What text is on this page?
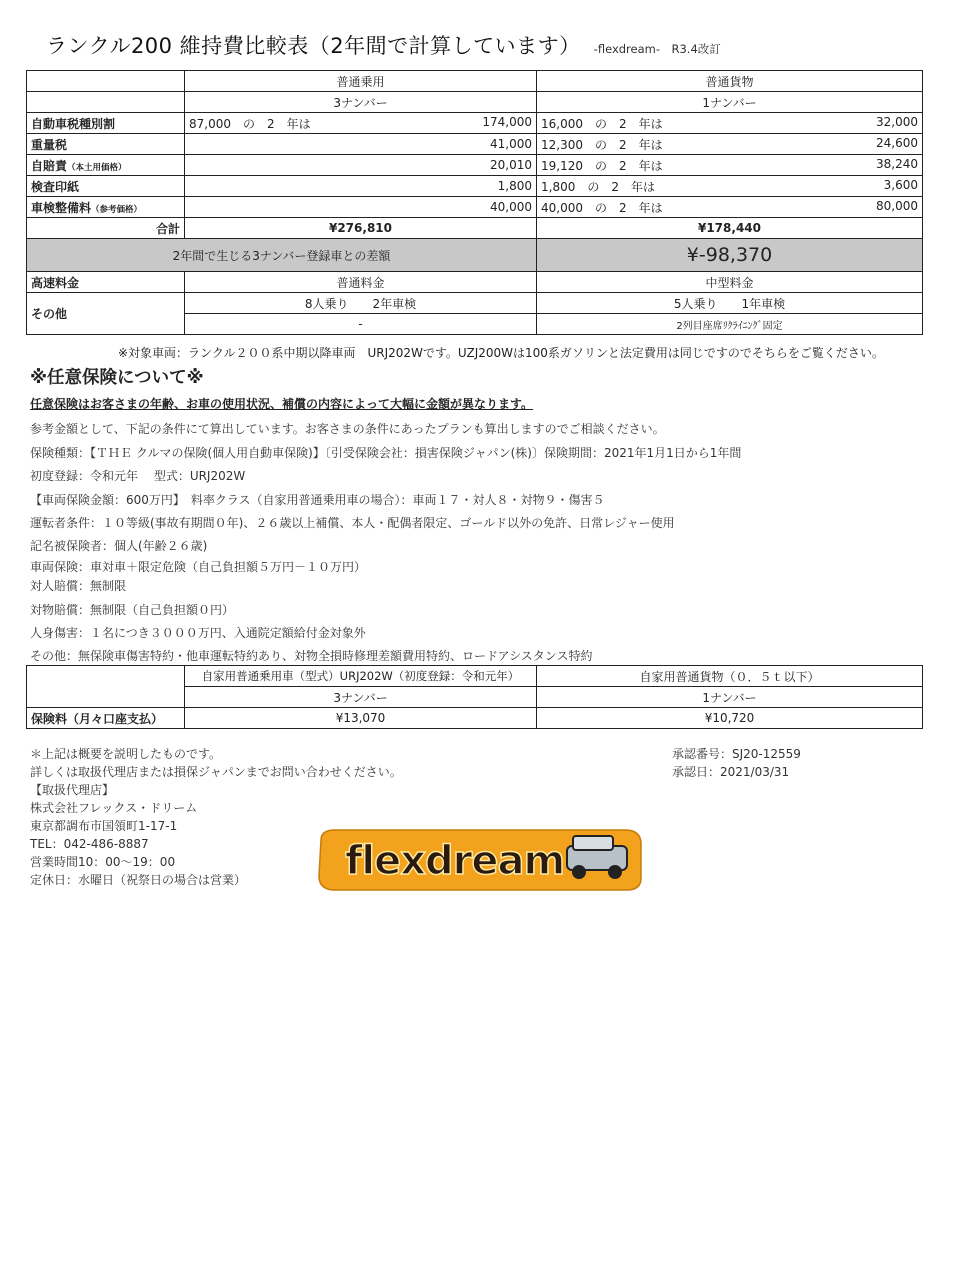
ランクル200 維持費比較表（2年間で計算しています） -flexdream-　R3.4改訂
	普通乗用	普通貨物
	3ナンバー	1ナンバー
自動車税種別割	87,000　の　2　年は 174,000	16,000　の　2　年は 32,000

重量税	41,000	12,300　の　2　年は 24,600

自賠責（本土用価格）	20,010	19,120　の　2　年は 38,240

検査印紙	1,800	1,800　の　2　年は 3,600

車検整備料（参考価格）	40,000	40,000　の　2　年は 80,000

合計	¥276,810	¥178,440
2年間で生じる3ナンバー登録車との差額		¥-98,370
高速料金	普通料金	中型料金
その他	8人乗り　　2年車検	5人乗り　　1年車検
	-	2列目座席ﾘｸﾗｲﾆﾝｸﾞ固定
※対象車両：ランクル２００系中期以降車両　URJ202Wです。UZJ200Wは100系ガソリンと法定費用は同じですのでそちらをご覧ください。
※任意保険について※
任意保険はお客さまの年齢、お車の使用状況、補償の内容によって大幅に金額が異なります。
参考金額として、下記の条件にて算出しています。お客さまの条件にあったプランも算出しますのでご相談ください。
保険種類：【ＴＨＥ クルマの保険(個人用自動車保険)】〔引受保険会社：損害保険ジャパン(株)〕保険期間：2021年1月1日から1年間
初度登録：令和元年　 型式：URJ202W
【車両保険金額：600万円】　料率クラス（自家用普通乗用車の場合）：車両１７・対人８・対物９・傷害５
運転者条件：１０等級(事故有期間０年)、２６歳以上補償、本人・配偶者限定、ゴールド以外の免許、日常レジャー使用
記名被保険者：個人(年齢２６歳)
車両保険：車対車＋限定危険（自己負担額５万円－１０万円）
対人賠償：無制限
対物賠償：無制限（自己負担額０円）
人身傷害：１名につき３０００万円、入通院定額給付金対象外
その他：無保険車傷害特約・他車運転特約あり、対物全損時修理差額費用特約、ロードアシスタンス特約
	自家用普通乗用車（型式）URJ202W（初度登録：令和元年）	自家用普通貨物（０．５ｔ以下）
	3ナンバー	1ナンバー
保険料（月々口座支払）	¥13,070	¥10,720
＊上記は概要を説明したものです。
詳しくは取扱代理店または損保ジャパンまでお問い合わせください。
【取扱代理店】
株式会社フレックス・ドリーム
東京都調布市国領町1-17-1
TEL：042-486-8887
営業時間10：00～19：00
定休日：水曜日（祝祭日の場合は営業）
承認番号：SJ20-12559
承認日：2021/03/31
flexdream
